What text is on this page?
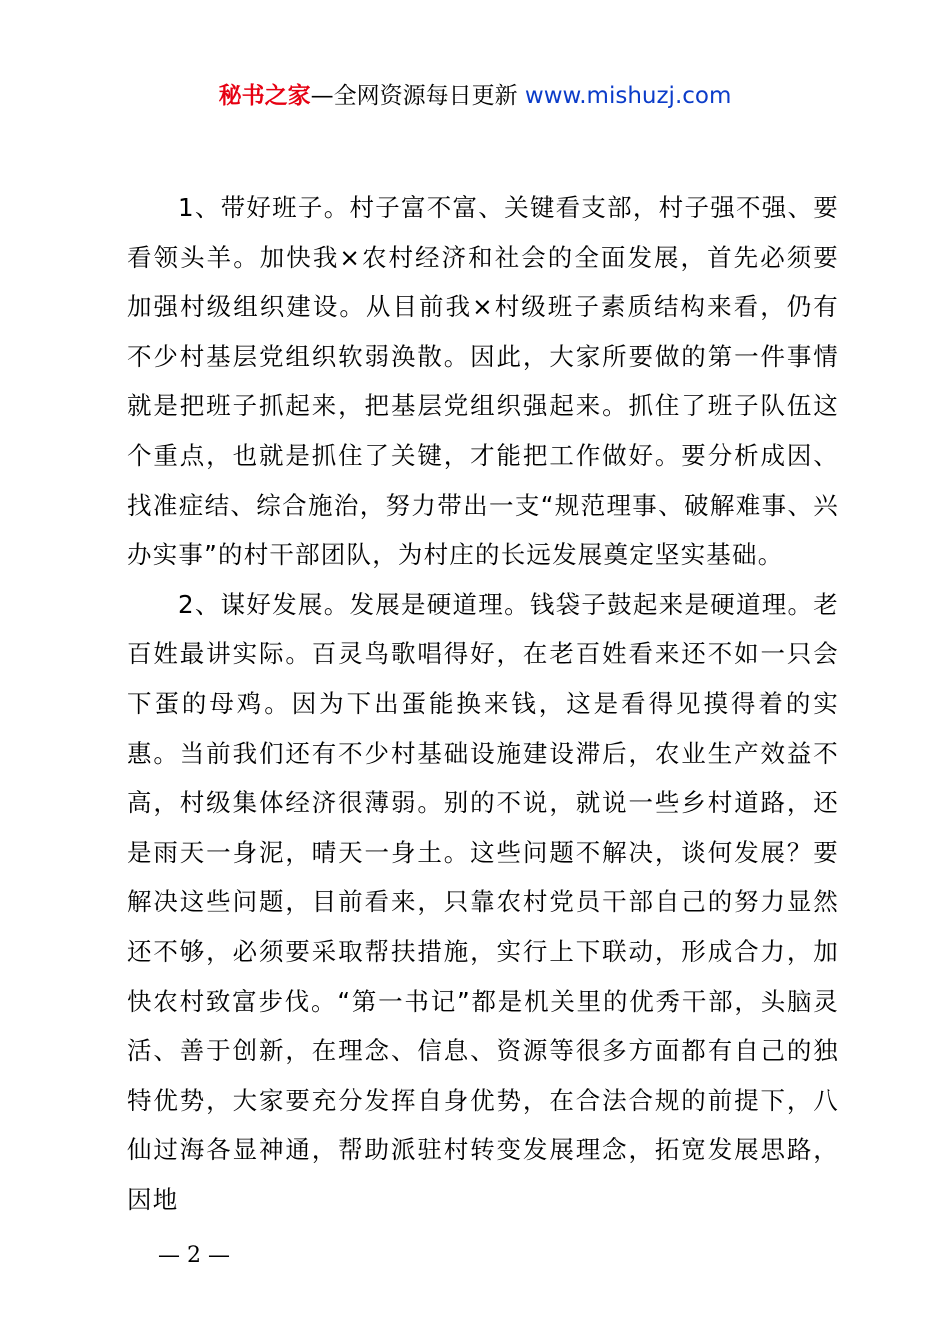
秘书之家—全网资源每日更新 www.mishuzj.com

1、带好班子。村子富不富、关键看支部，村子强不强、要看领头羊。加快我×农村经济和社会的全面发展，首先必须要加强村级组织建设。从目前我×村级班子素质结构来看，仍有不少村基层党组织软弱涣散。因此，大家所要做的第一件事情就是把班子抓起来，把基层党组织强起来。抓住了班子队伍这个重点，也就是抓住了关键，才能把工作做好。要分析成因、找准症结、综合施治，努力带出一支“规范理事、破解难事、兴办实事”的村干部团队，为村庄的长远发展奠定坚实基础。

2、谋好发展。发展是硬道理。钱袋子鼓起来是硬道理。老百姓最讲实际。百灵鸟歌唱得好，在老百姓看来还不如一只会下蛋的母鸡。因为下出蛋能换来钱，这是看得见摸得着的实惠。当前我们还有不少村基础设施建设滞后，农业生产效益不高，村级集体经济很薄弱。别的不说，就说一些乡村道路，还是雨天一身泥，晴天一身土。这些问题不解决，谈何发展？要解决这些问题，目前看来，只靠农村党员干部自己的努力显然还不够，必须要采取帮扶措施，实行上下联动，形成合力，加快农村致富步伐。“第一书记”都是机关里的优秀干部，头脑灵活、善于创新，在理念、信息、资源等很多方面都有自己的独特优势，大家要充分发挥自身优势，在合法合规的前提下，八仙过海各显神通，帮助派驻村转变发展理念，拓宽发展思路，因地

— 2 —
